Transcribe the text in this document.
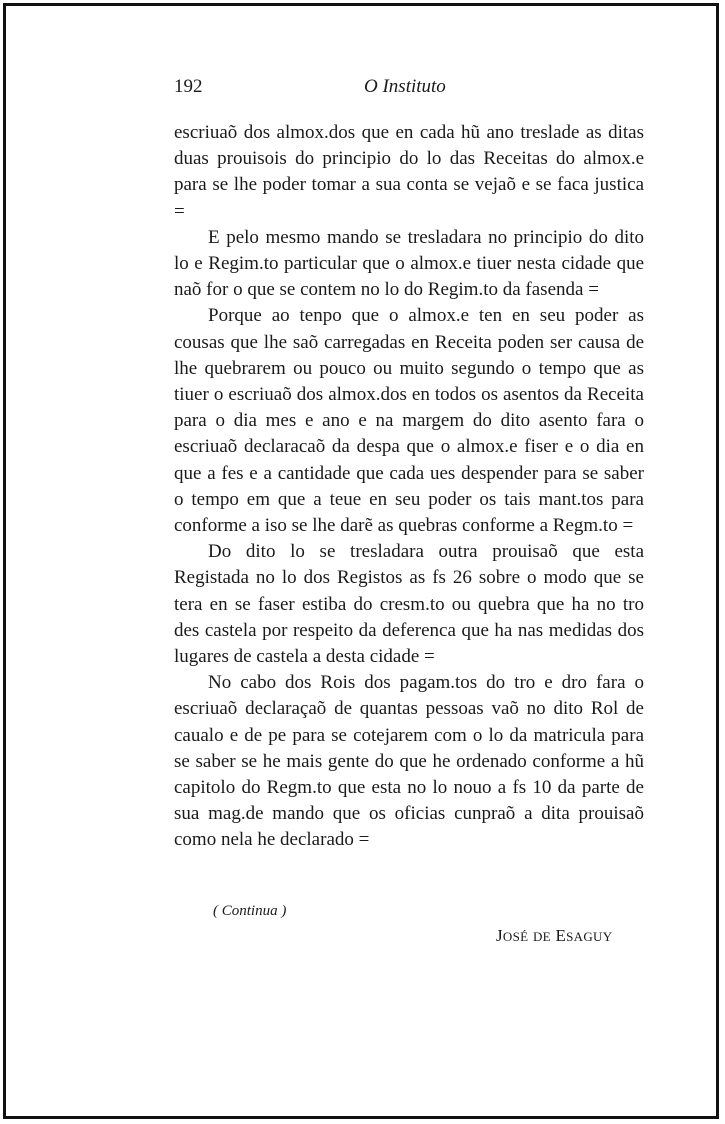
192	O Instituto

escriuaõ dos almox.dos que en cada hũ ano treslade as ditas duas prouisois do principio do lo das Receitas do almox.e para se lhe poder tomar a sua conta se vejaõ e se faca justica =

E pelo mesmo mando se tresladara no principio do dito lo e Regim.to particular que o almox.e tiuer nesta cidade que naõ for o que se contem no lo do Regim.to da fasenda =

Porque ao tenpo que o almox.e ten en seu poder as cousas que lhe saõ carregadas en Receita poden ser causa de lhe quebrarem ou pouco ou muito segundo o tempo que as tiuer o escriuaõ dos almox.dos en todos os asentos da Receita para o dia mes e ano e na margem do dito asento fara o escriuaõ declaracaõ da despa que o almox.e fiser e o dia en que a fes e a cantidade que cada ues despender para se saber o tempo em que a teue en seu poder os tais mant.tos para conforme a iso se lhe darẽ as quebras conforme a Regm.to =

Do dito lo se tresladara outra prouisaõ que esta Registada no lo dos Registos as fs 26 sobre o modo que se tera en se faser estiba do cresm.to ou quebra que ha no tro des castela por respeito da deferenca que ha nas medidas dos lugares de castela a desta cidade =

No cabo dos Rois dos pagam.tos do tro e dro fara o escriuaõ declaraçaõ de quantas pessoas vaõ no dito Rol de caualo e de pe para se cotejarem com o lo da matricula para se saber se he mais gente do que he ordenado conforme a hũ capitolo do Regm.to que esta no lo nouo a fs 10 da parte de sua mag.de mando que os oficias cunpraõ a dita prouisaõ como nela he declarado =

( Continua )
JOSÉ DE ESAGUY
